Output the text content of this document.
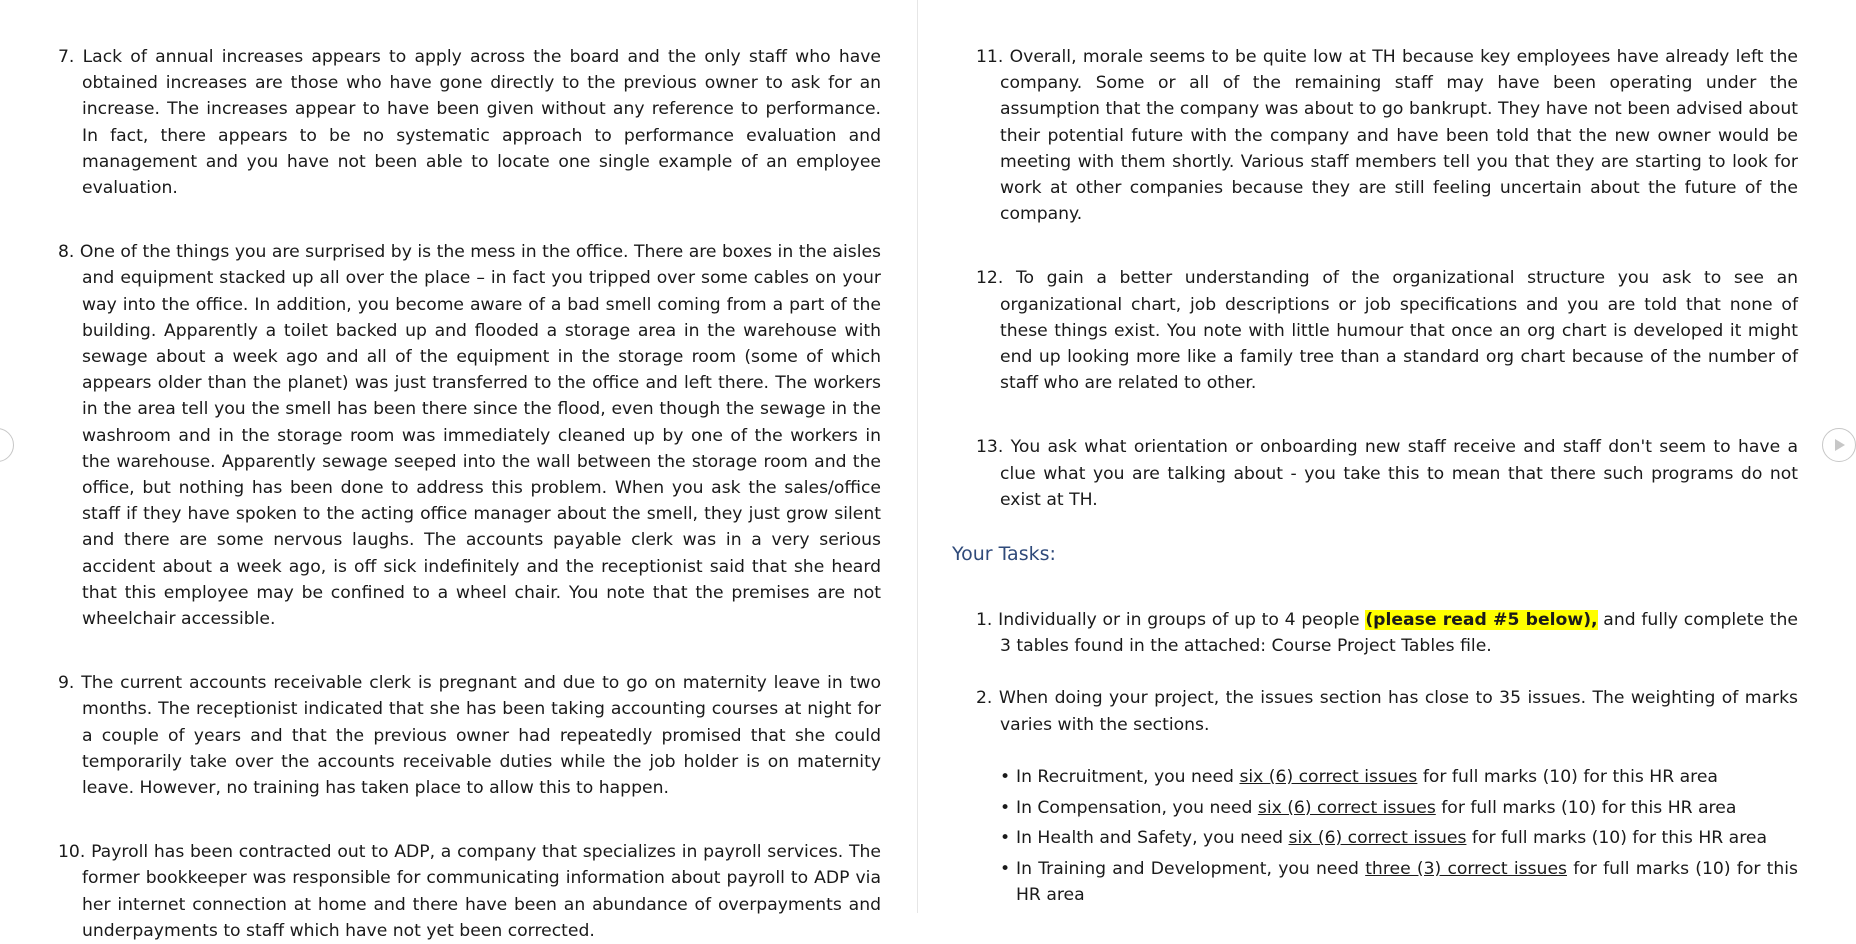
7. Lack of annual increases appears to apply across the board and the only staff who have obtained increases are those who have gone directly to the previous owner to ask for an increase. The increases appear to have been given without any reference to performance. In fact, there appears to be no systematic approach to performance evaluation and management and you have not been able to locate one single example of an employee evaluation.

8. One of the things you are surprised by is the mess in the office. There are boxes in the aisles and equipment stacked up all over the place – in fact you tripped over some cables on your way into the office. In addition, you become aware of a bad smell coming from a part of the building. Apparently a toilet backed up and flooded a storage area in the warehouse with sewage about a week ago and all of the equipment in the storage room (some of which appears older than the planet) was just transferred to the office and left there. The workers in the area tell you the smell has been there since the flood, even though the sewage in the washroom and in the storage room was immediately cleaned up by one of the workers in the warehouse. Apparently sewage seeped into the wall between the storage room and the office, but nothing has been done to address this problem. When you ask the sales/office staff if they have spoken to the acting office manager about the smell, they just grow silent and there are some nervous laughs. The accounts payable clerk was in a very serious accident about a week ago, is off sick indefinitely and the receptionist said that she heard that this employee may be confined to a wheel chair. You note that the premises are not wheelchair accessible.

9. The current accounts receivable clerk is pregnant and due to go on maternity leave in two months. The receptionist indicated that she has been taking accounting courses at night for a couple of years and that the previous owner had repeatedly promised that she could temporarily take over the accounts receivable duties while the job holder is on maternity leave. However, no training has taken place to allow this to happen.

10. Payroll has been contracted out to ADP, a company that specializes in payroll services. The former bookkeeper was responsible for communicating information about payroll to ADP via her internet connection at home and there have been an abundance of overpayments and underpayments to staff which have not yet been corrected.

11. Overall, morale seems to be quite low at TH because key employees have already left the company. Some or all of the remaining staff may have been operating under the assumption that the company was about to go bankrupt. They have not been advised about their potential future with the company and have been told that the new owner would be meeting with them shortly. Various staff members tell you that they are starting to look for work at other companies because they are still feeling uncertain about the future of the company.

12. To gain a better understanding of the organizational structure you ask to see an organizational chart, job descriptions or job specifications and you are told that none of these things exist. You note with little humour that once an org chart is developed it might end up looking more like a family tree than a standard org chart because of the number of staff who are related to other.

13. You ask what orientation or onboarding new staff receive and staff don't seem to have a clue what you are talking about - you take this to mean that there such programs do not exist at TH.

Your Tasks:

1. Individually or in groups of up to 4 people (please read #5 below), and fully complete the 3 tables found in the attached: Course Project Tables file.

2. When doing your project, the issues section has close to 35 issues. The weighting of marks varies with the sections.

• In Recruitment, you need six (6) correct issues for full marks (10) for this HR area
• In Compensation, you need six (6) correct issues for full marks (10) for this HR area
• In Health and Safety, you need six (6) correct issues for full marks (10) for this HR area
• In Training and Development, you need three (3) correct issues for full marks (10) for this HR area
